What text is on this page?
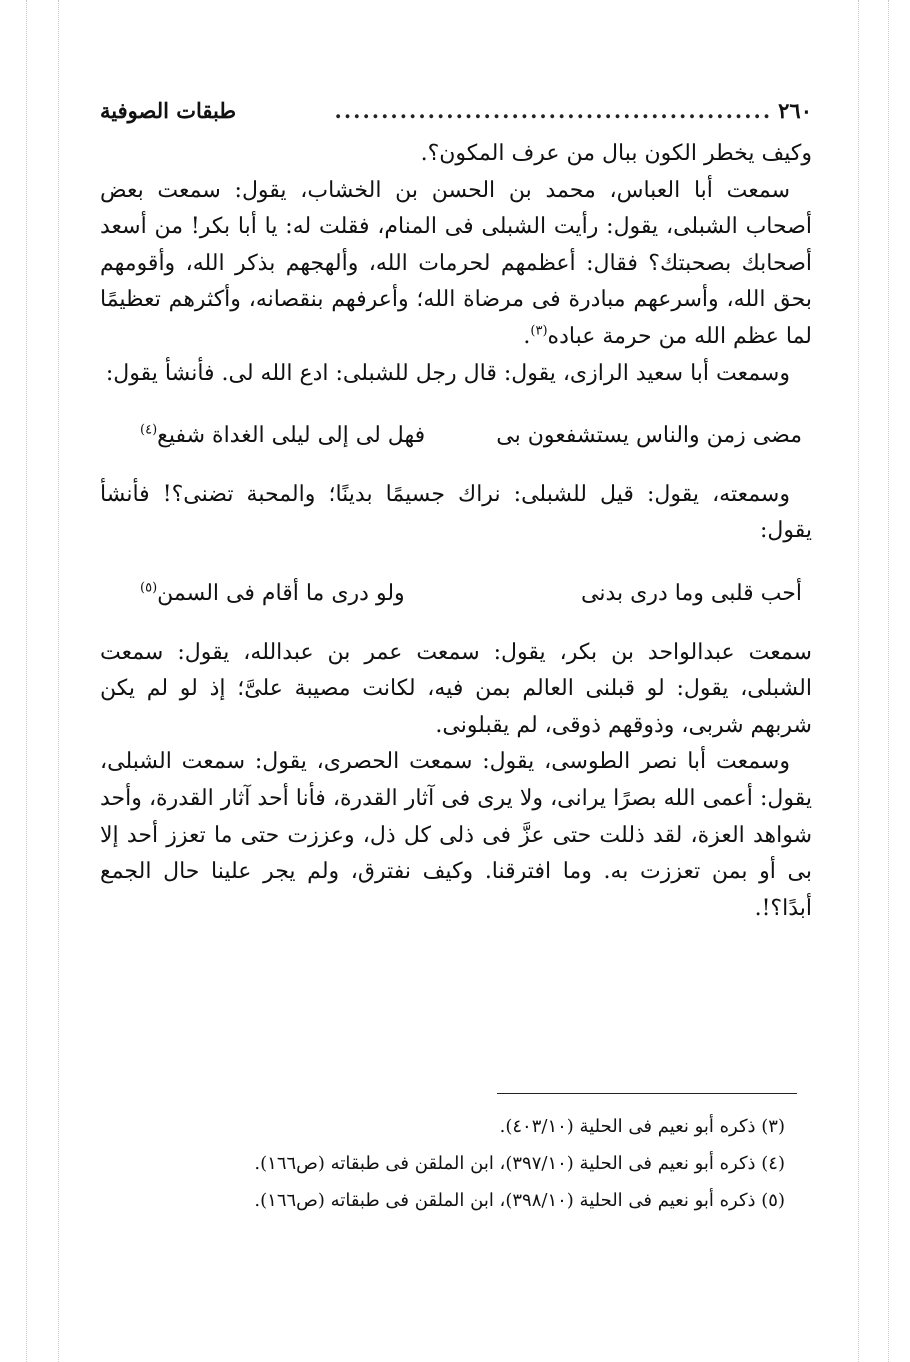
٢٦٠
...............................................
طبقات الصوفية

وكيف يخطر الكون ببال من عرف المكون؟.

سمعت أبا العباس، محمد بن الحسن بن الخشاب، يقول: سمعت بعض أصحاب الشبلى، يقول: رأيت الشبلى فى المنام، فقلت له: يا أبا بكر! من أسعد أصحابك بصحبتك؟ فقال: أعظمهم لحرمات الله، وألهجهم بذكر الله، وأقومهم بحق الله، وأسرعهم مبادرة فى مرضاة الله؛ وأعرفهم بنقصانه، وأكثرهم تعظيمًا لما عظم الله من حرمة عباده$^{(٣)}$.

وسمعت أبا سعيد الرازى، يقول: قال رجل للشبلى: ادع الله لى. فأنشأ يقول:

مضى زمن والناس يستشفعون بى
فهل لى إلى ليلى الغداة شفيع$^{(٤)}$

وسمعته، يقول: قيل للشبلى: نراك جسيمًا بدينًا؛ والمحبة تضنى؟! فأنشأ يقول:

أحب قلبى وما درى بدنى
ولو درى ما أقام فى السمن$^{(٥)}$

سمعت عبدالواحد بن بكر، يقول: سمعت عمر بن عبدالله، يقول: سمعت الشبلى، يقول: لو قبلنى العالم بمن فيه، لكانت مصيبة علىَّ؛ إذ لو لم يكن شربهم شربى، وذوقهم ذوقى، لم يقبلونى.

وسمعت أبا نصر الطوسى، يقول: سمعت الحصرى، يقول: سمعت الشبلى، يقول: أعمى الله بصرًا يرانى، ولا يرى فى آثار القدرة، فأنا أحد آثار القدرة، وأحد شواهد العزة، لقد ذللت حتى عزَّ فى ذلى كل ذل، وعززت حتى ما تعزز أحد إلا بى أو بمن تعززت به. وما افترقنا. وكيف نفترق، ولم يجر علينا حال الجمع أبدًا؟!.

(٣) ذكره أبو نعيم فى الحلية (٤٠٣/١٠).
(٤) ذكره أبو نعيم فى الحلية (٣٩٧/١٠)، ابن الملقن فى طبقاته (ص١٦٦).
(٥) ذكره أبو نعيم فى الحلية (٣٩٨/١٠)، ابن الملقن فى طبقاته (ص١٦٦).
